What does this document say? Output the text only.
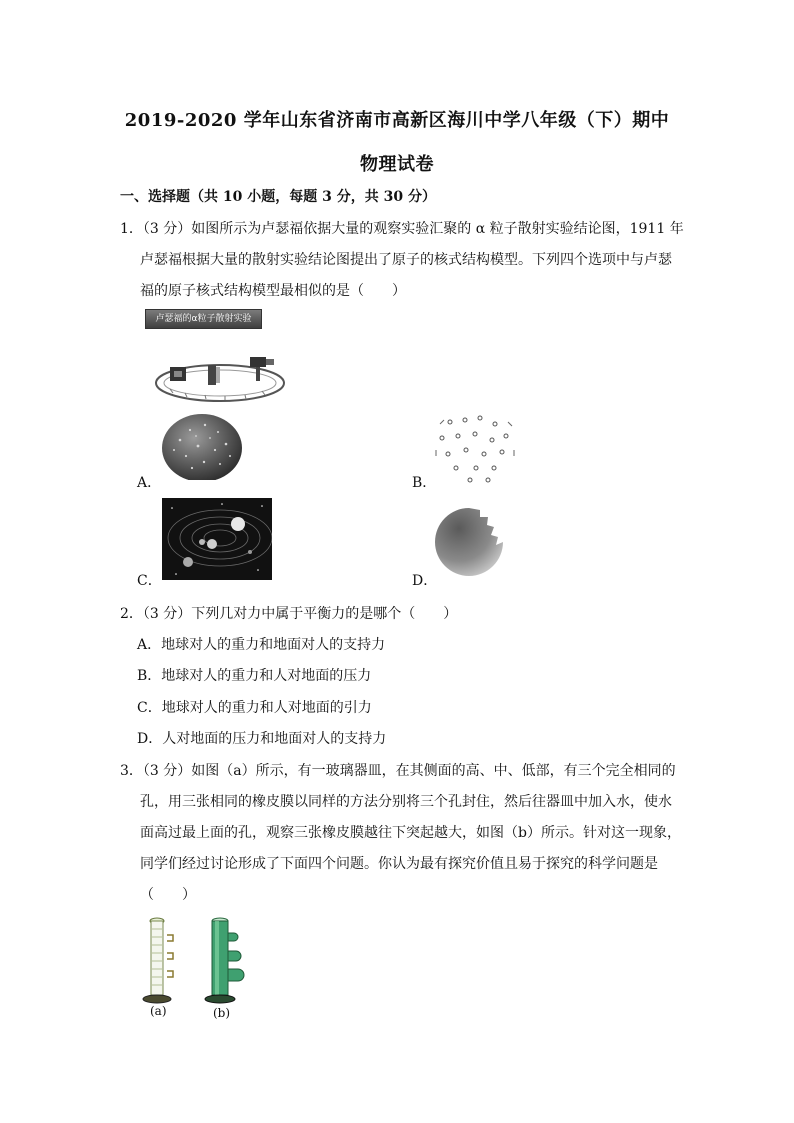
2019-2020 学年山东省济南市高新区海川中学八年级（下）期中
物理试卷
一、选择题（共 10 小题，每题 3 分，共 30 分）
1．（3 分）如图所示为卢瑟福依据大量的观察实验汇聚的 α 粒子散射实验结论图，1911 年
卢瑟福根据大量的散射实验结论图提出了原子的核式结构模型。下列四个选项中与卢瑟
福的原子核式结构模型最相似的是（　　）
卢瑟福的α粒子散射实验
A．	B．
C．	D．
2．（3 分）下列几对力中属于平衡力的是哪个（　　）
A．地球对人的重力和地面对人的支持力
B．地球对人的重力和人对地面的压力
C．地球对人的重力和人对地面的引力
D．人对地面的压力和地面对人的支持力
3．（3 分）如图（a）所示，有一玻璃器皿，在其侧面的高、中、低部，有三个完全相同的
孔，用三张相同的橡皮膜以同样的方法分别将三个孔封住，然后往器皿中加入水，使水
面高过最上面的孔，观察三张橡皮膜越往下突起越大，如图（b）所示。针对这一现象，
同学们经过讨论形成了下面四个问题。你认为最有探究价值且易于探究的科学问题是
（　　）
(a)	(b)
